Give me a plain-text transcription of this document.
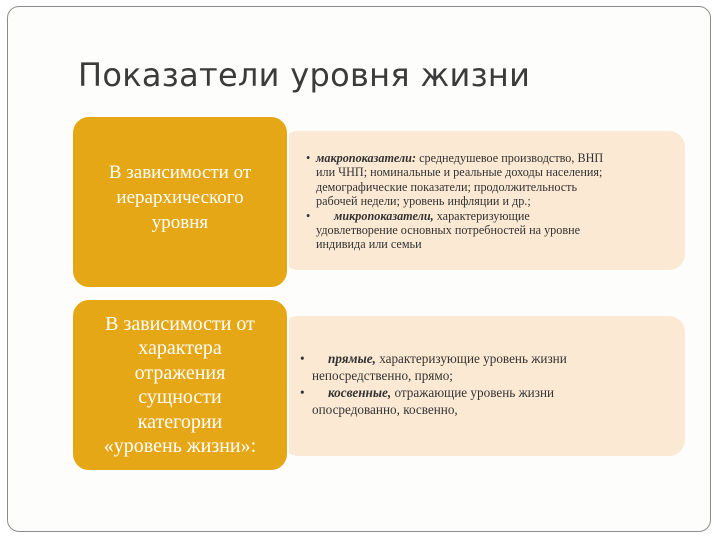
Показатели уровня жизни

• макропоказатели: среднедушевое производство, ВНП

или ЧНП; номинальные и реальные доходы населения;

демографические показатели; продолжительность

рабочей недели; уровень инфляции и др.;

• микропоказатели, характеризующие

удовлетворение основных потребностей на уровне

индивида или семьи

В зависимости от
иерархического
уровня

• прямые, характеризующие уровень жизни

непосредственно, прямо;

• косвенные, отражающие уровень жизни

опосредованно, косвенно,

В зависимости от
характера
отражения
сущности
категории
«уровень жизни»:
